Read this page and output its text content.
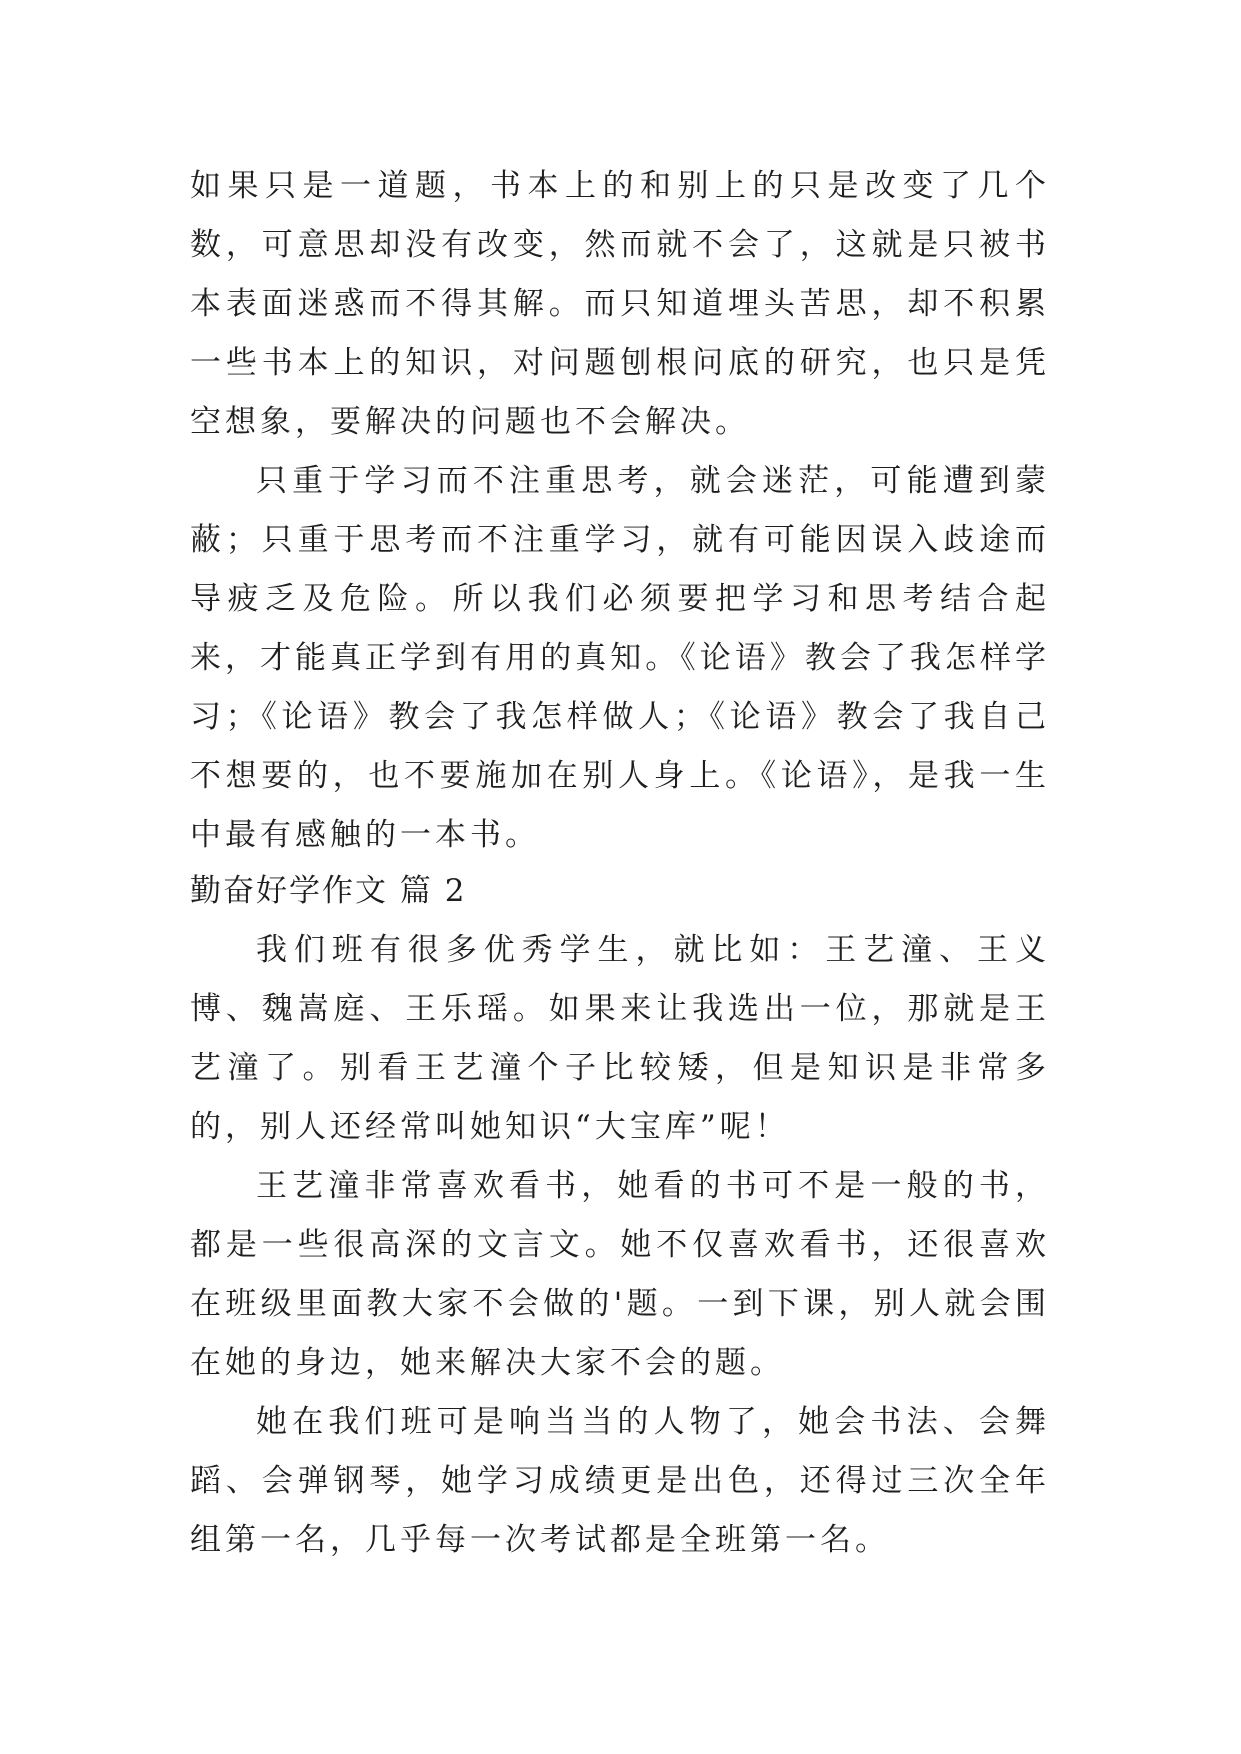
如果只是一道题，书本上的和别上的只是改变了几个数，可意思却没有改变，然而就不会了，这就是只被书本表面迷惑而不得其解。而只知道埋头苦思，却不积累一些书本上的知识，对问题刨根问底的研究，也只是凭空想象，要解决的问题也不会解决。

只重于学习而不注重思考，就会迷茫，可能遭到蒙蔽；只重于思考而不注重学习，就有可能因误入歧途而导疲乏及危险。所以我们必须要把学习和思考结合起来，才能真正学到有用的真知。《论语》教会了我怎样学习；《论语》教会了我怎样做人；《论语》教会了我自己不想要的，也不要施加在别人身上。《论语》，是我一生中最有感触的一本书。

勤奋好学作文 篇 2

我们班有很多优秀学生，就比如：王艺潼、王义博、魏嵩庭、王乐瑶。如果来让我选出一位，那就是王艺潼了。别看王艺潼个子比较矮，但是知识是非常多的，别人还经常叫她知识“大宝库”呢！

王艺潼非常喜欢看书，她看的书可不是一般的书，都是一些很高深的文言文。她不仅喜欢看书，还很喜欢在班级里面教大家不会做的'题。一到下课，别人就会围在她的身边，她来解决大家不会的题。

她在我们班可是响当当的人物了，她会书法、会舞蹈、会弹钢琴，她学习成绩更是出色，还得过三次全年组第一名，几乎每一次考试都是全班第一名。
